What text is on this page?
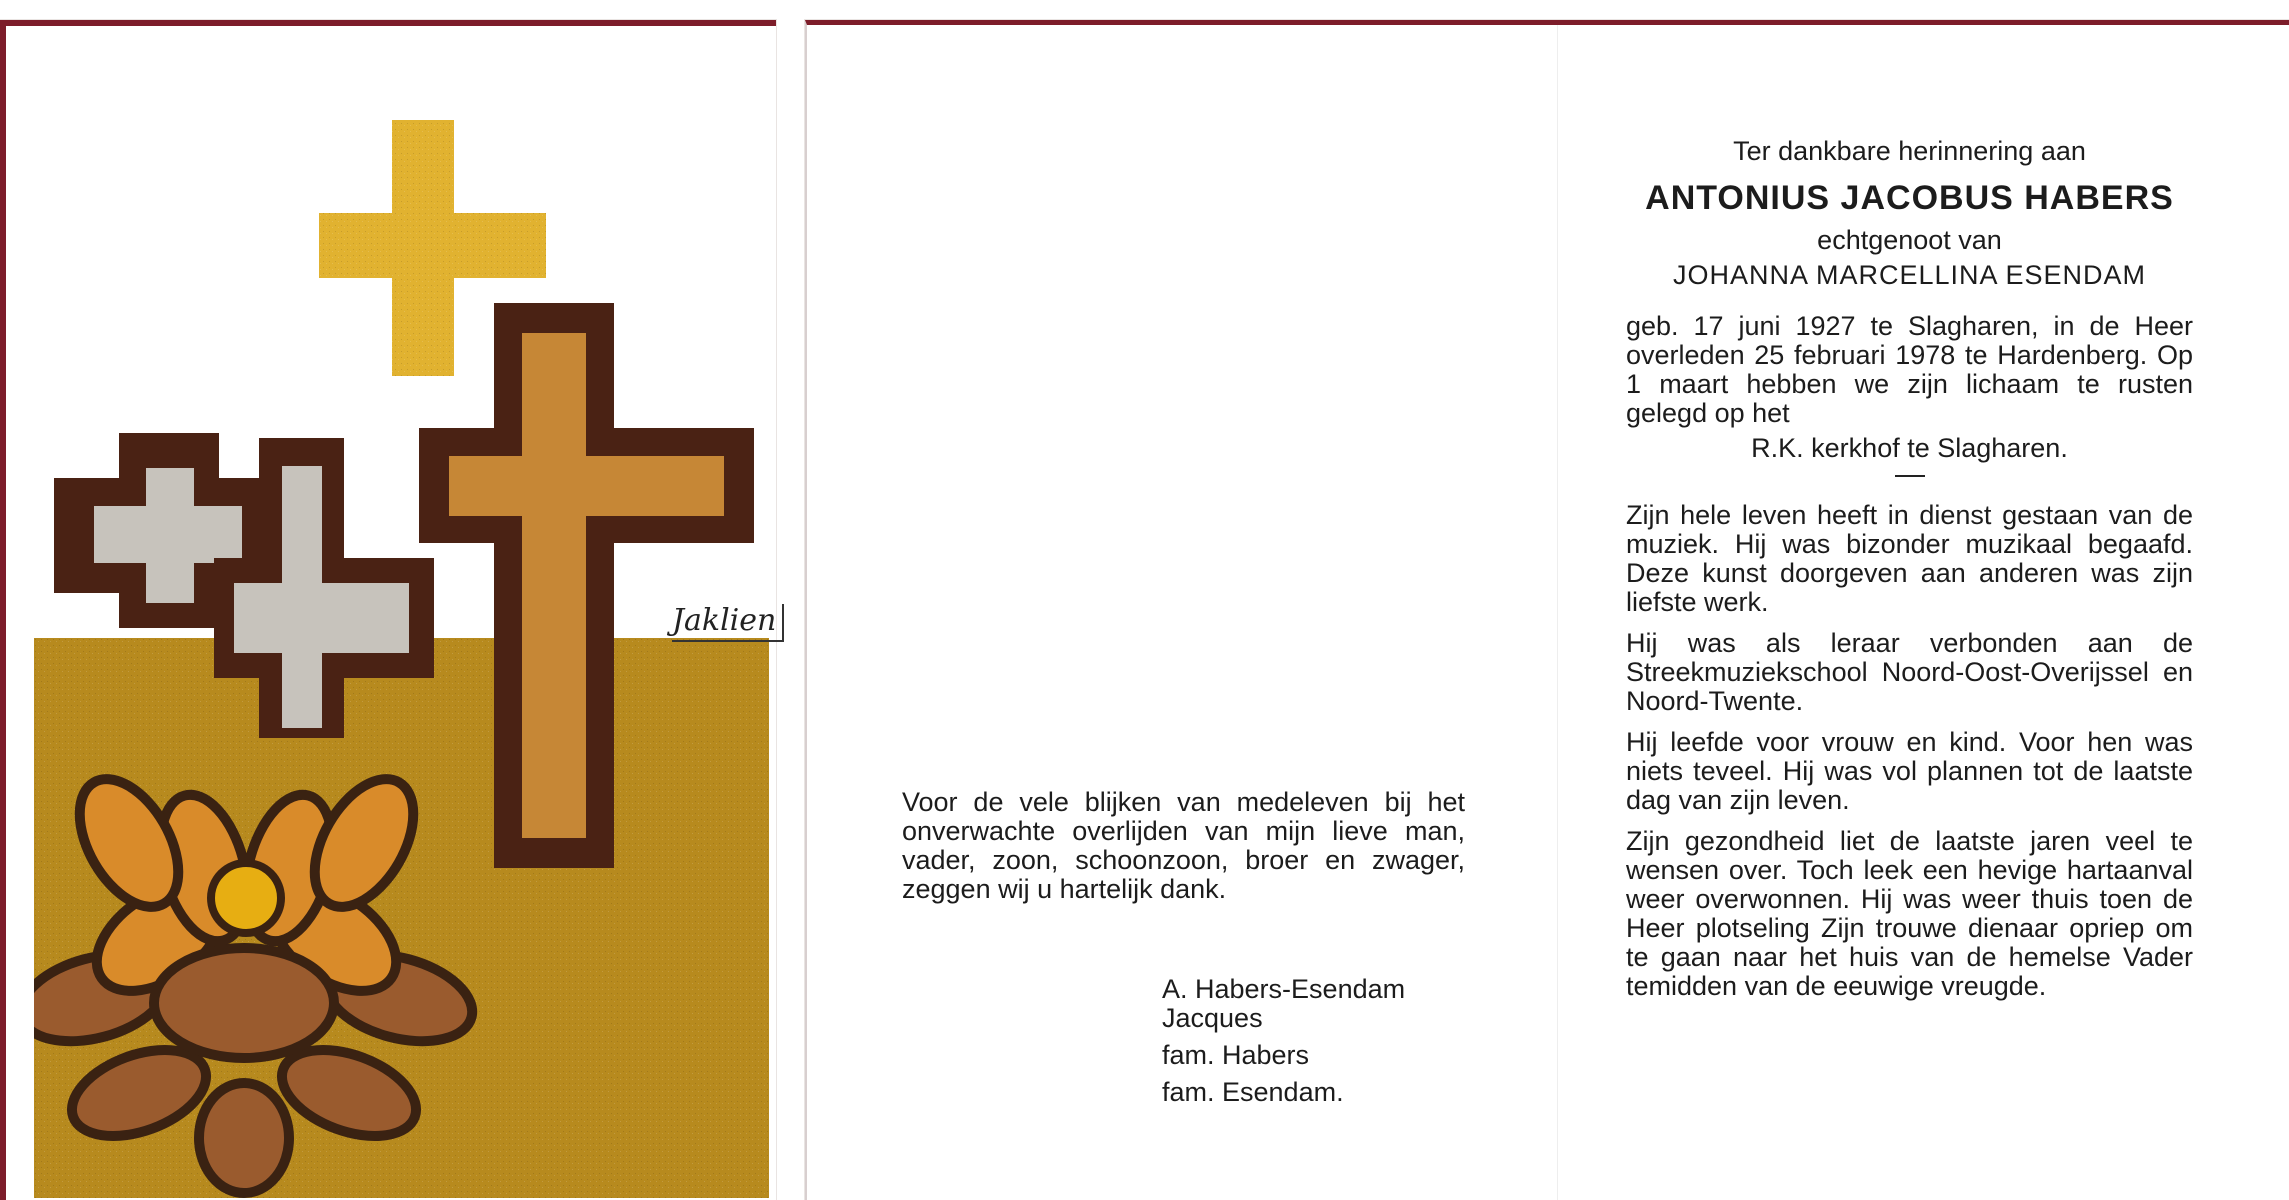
Jaklien

Voor de vele blijken van medeleven bij het onverwachte overlijden van mijn lieve man, vader, zoon, schoonzoon, broer en zwager, zeggen wij u hartelijk dank.

A. Habers-Esendam
Jacques
fam. Habers
fam. Esendam.
Ter dankbare herinnering aan
ANTONIUS JACOBUS HABERS
echtgenoot van
JOHANNA MARCELLINA ESENDAM

geb. 17 juni 1927 te Slagharen, in de Heer overleden 25 februari 1978 te Hardenberg. Op 1 maart hebben we zijn lichaam te rusten gelegd op het

R.K. kerkhof te Slagharen.

Zijn hele leven heeft in dienst gestaan van de muziek. Hij was bizonder muzikaal begaafd. Deze kunst doorgeven aan anderen was zijn liefste werk.

Hij was als leraar verbonden aan de Streekmuziekschool Noord-Oost-Overijssel en Noord-Twente.

Hij leefde voor vrouw en kind. Voor hen was niets teveel. Hij was vol plannen tot de laatste dag van zijn leven.

Zijn gezondheid liet de laatste jaren veel te wensen over. Toch leek een hevige hartaanval weer overwonnen. Hij was weer thuis toen de Heer plotseling Zijn trouwe dienaar opriep om te gaan naar het huis van de hemelse Vader temidden van de eeuwige vreugde.
